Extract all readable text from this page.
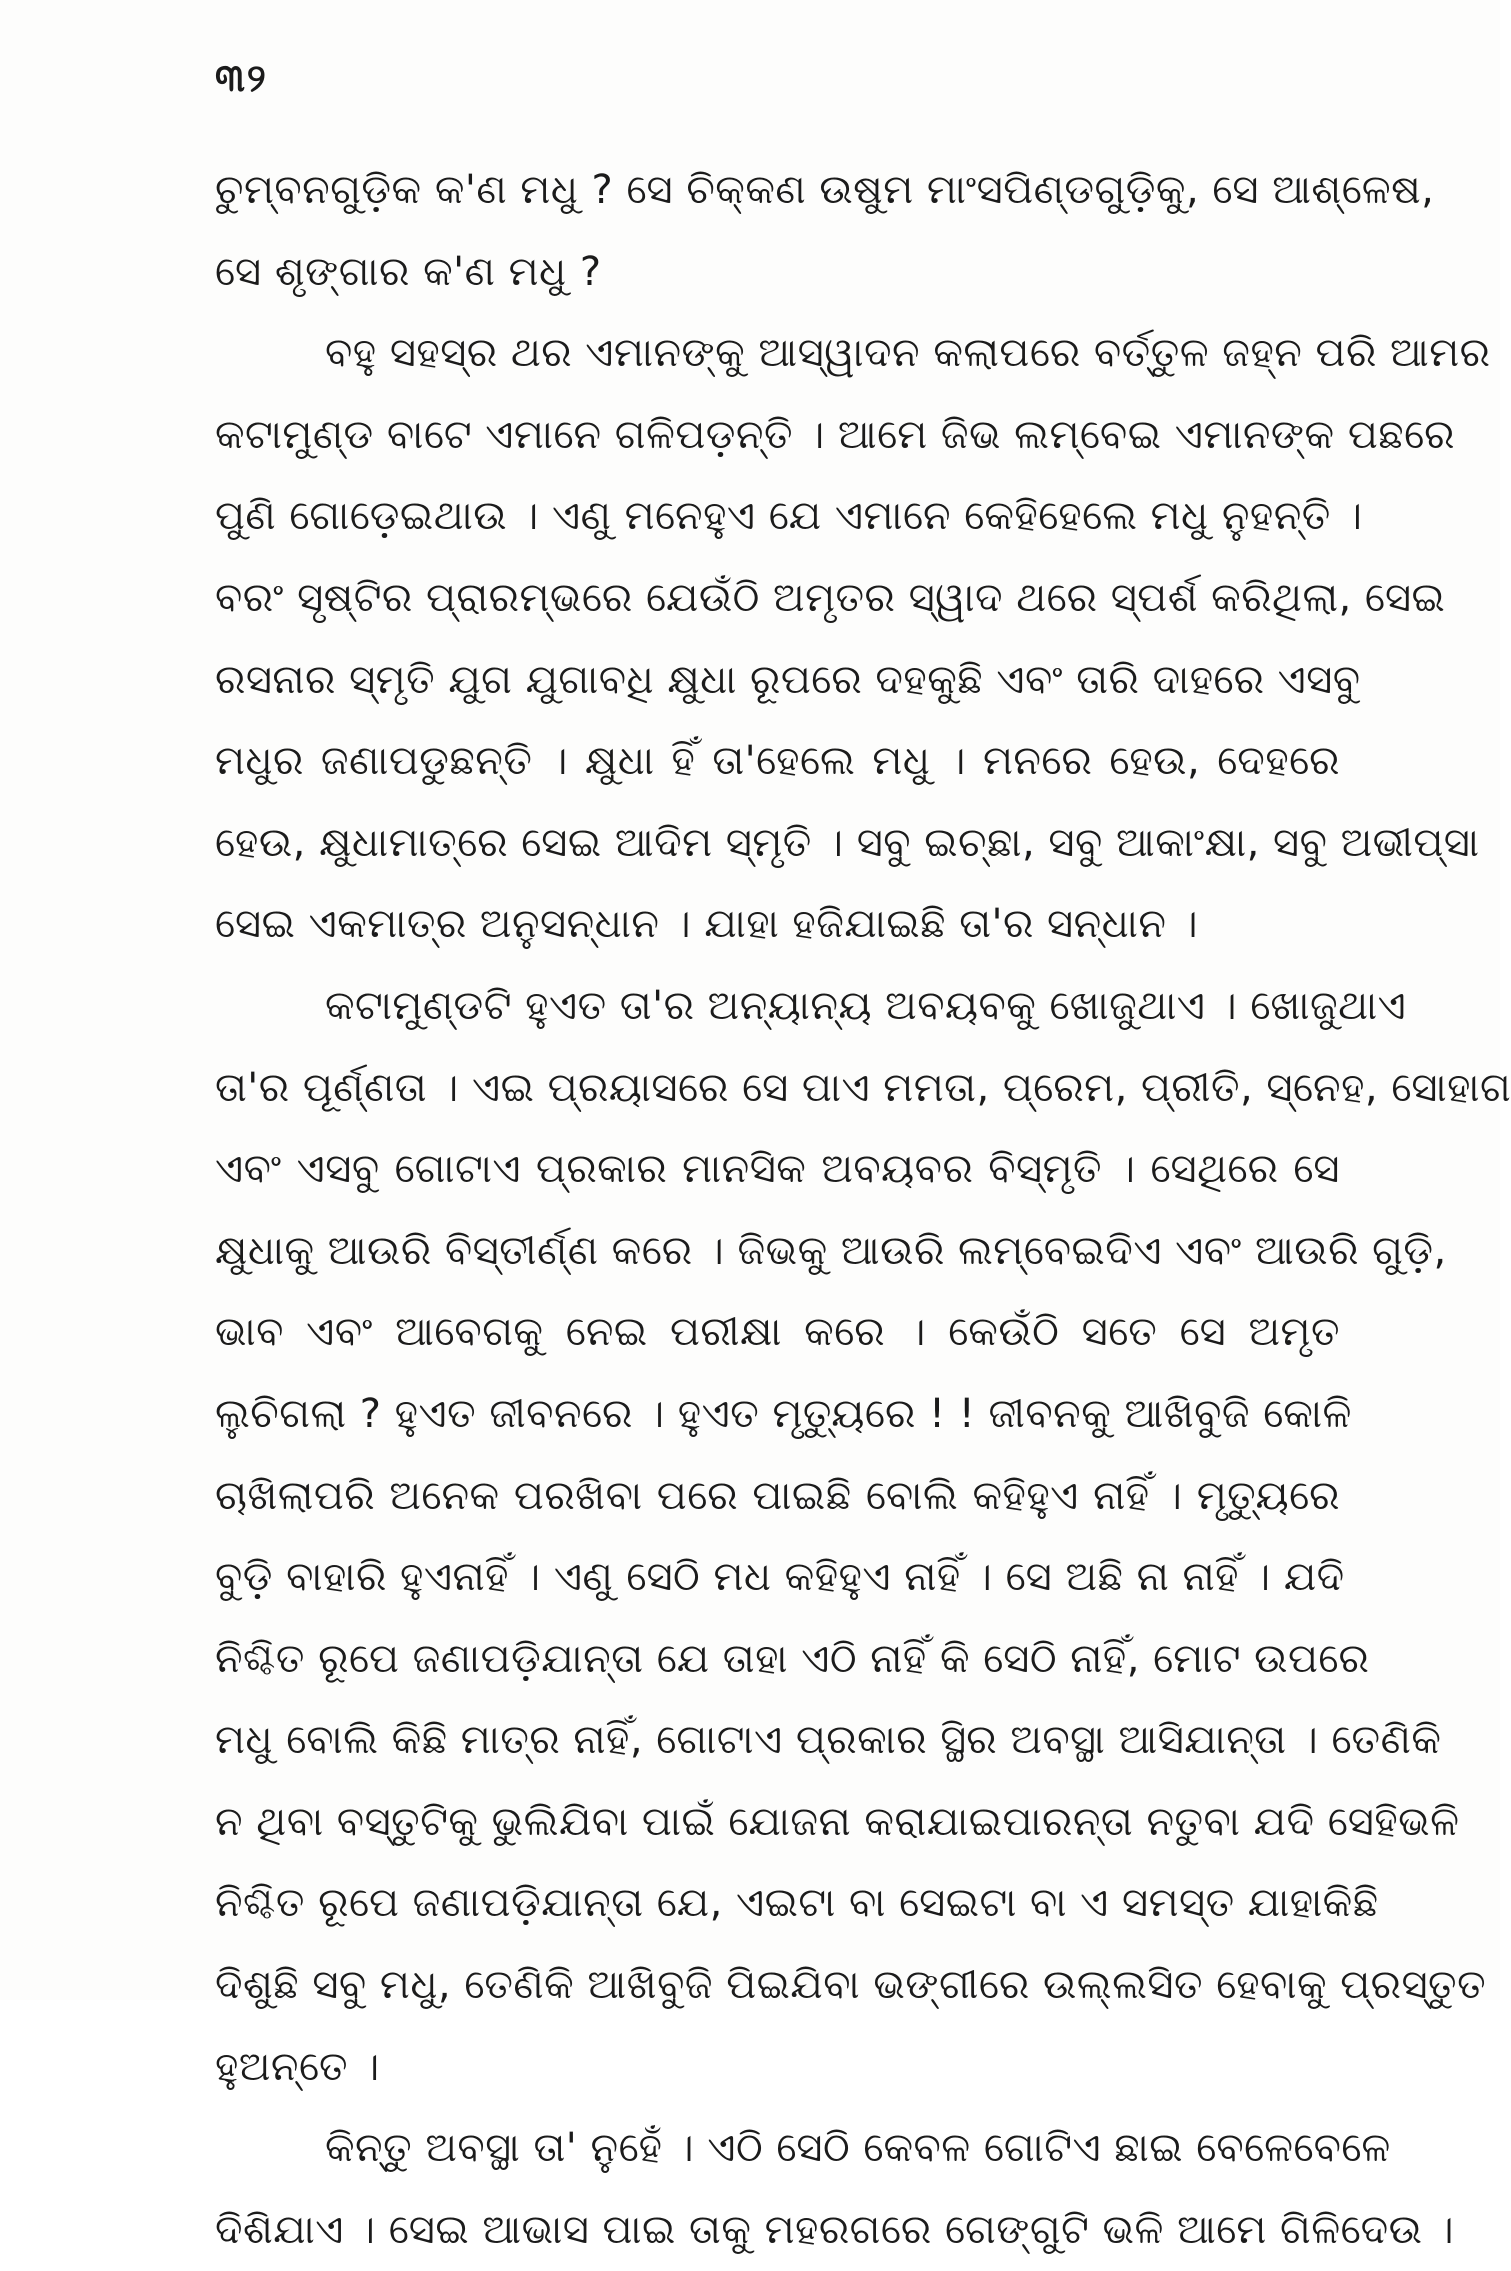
୩୨
ଚୁମ୍ବନଗୁଡ଼ିକ କ'ଣ ମଧୁ ? ସେ ଚିକ୍କଣ ଉଷୁମ ମାଂସପିଣ୍ଡଗୁଡ଼ିକୁ, ସେ ଆଶ୍ଳେଷ,
ସେ ଶୃଙ୍ଗାର କ'ଣ ମଧୁ ?
ବହୁ ସହସ୍ର ଥର ଏମାନଙ୍କୁ ଆସ୍ୱାଦନ କଲାପରେ ବର୍ତ୍ତୁଳ ଜହ୍ନ ପରି ଆମର
କଟାମୁଣ୍ଡ ବାଟେ ଏମାନେ ଗଳିପଡ଼ନ୍ତି । ଆମେ ଜିଭ ଲମ୍ବେଇ ଏମାନଙ୍କ ପଛରେ
ପୁଣି ଗୋଡ଼େଇଥାଉ । ଏଣୁ ମନେହୁଏ ଯେ ଏମାନେ କେହିହେଲେ ମଧୁ ନୁହନ୍ତି ।
ବରଂ ସୃଷ୍ଟିର ପ୍ରାରମ୍ଭରେ ଯେଉଁଠି ଅମୃତର ସ୍ୱାଦ ଥରେ ସ୍ପର୍ଶ କରିଥିଲା, ସେଇ
ରସନାର ସ୍ମୃତି ଯୁଗ ଯୁଗାବଧି କ୍ଷୁଧା ରୂପରେ ଦହକୁଛି ଏବଂ ତାରି ଦାହରେ ଏସବୁ
ମଧୁର ଜଣାପଡୁଛନ୍ତି । କ୍ଷୁଧା ହିଁ ତା'ହେଲେ ମଧୁ । ମନରେ ହେଉ, ଦେହରେ
ହେଉ, କ୍ଷୁଧାମାତ୍ରେ ସେଇ ଆଦିମ ସ୍ମୃତି । ସବୁ ଇଚ୍ଛା, ସବୁ ଆକାଂକ୍ଷା, ସବୁ ଅଭୀପ୍ସା
ସେଇ ଏକମାତ୍ର ଅନୁସନ୍ଧାନ । ଯାହା ହଜିଯାଇଛି ତା'ର ସନ୍ଧାନ ।
କଟାମୁଣ୍ଡଟି ହୁଏତ ତା'ର ଅନ୍ୟାନ୍ୟ ଅବୟବକୁ ଖୋଜୁଥାଏ । ଖୋଜୁଥାଏ
ତା'ର ପୂର୍ଣ୍ଣତା । ଏଇ ପ୍ରୟାସରେ ସେ ପାଏ ମମତା, ପ୍ରେମ, ପ୍ରୀତି, ସ୍ନେହ, ସୋହାଗ
ଏବଂ ଏସବୁ ଗୋଟାଏ ପ୍ରକାର ମାନସିକ ଅବୟବର ବିସ୍ମୃତି । ସେଥିରେ ସେ
କ୍ଷୁଧାକୁ ଆଉରି ବିସ୍ତୀର୍ଣ୍ଣ କରେ । ଜିଭକୁ ଆଉରି ଲମ୍ବେଇଦିଏ ଏବଂ ଆଉରି ଗୁଡ଼ି,
ଭାବ ଏବଂ ଆବେଗକୁ ନେଇ ପରୀକ୍ଷା କରେ । କେଉଁଠି ସତେ ସେ ଅମୃତ
ଲୁଚିଗଲା ? ହୁଏତ ଜୀବନରେ । ହୁଏତ ମୃତ୍ୟୁରେ ! ! ଜୀବନକୁ ଆଖିବୁଜି କୋଳି
ଚାଖିଲାପରି ଅନେକ ପରଖିବା ପରେ ପାଇଛି ବୋଲି କହିହୁଏ ନାହିଁ । ମୃତ୍ୟୁରେ
ବୁଡ଼ି ବାହାରି ହୁଏନାହିଁ । ଏଣୁ ସେଠି ମଧ କହିହୁଏ ନାହିଁ । ସେ ଅଛି ନା ନାହିଁ । ଯଦି
ନିଶ୍ଚିତ ରୂପେ ଜଣାପଡ଼ିଯାନ୍ତା ଯେ ତାହା ଏଠି ନାହିଁ କି ସେଠି ନାହିଁ, ମୋଟ ଉପରେ
ମଧୁ ବୋଲି କିଛି ମାତ୍ର ନାହିଁ, ଗୋଟାଏ ପ୍ରକାର ସ୍ଥିର ଅବସ୍ଥା ଆସିଯାନ୍ତା । ତେଣିକି
ନ ଥିବା ବସ୍ତୁଟିକୁ ଭୁଲିଯିବା ପାଇଁ ଯୋଜନା କରାଯାଇପାରନ୍ତା ନତୁବା ଯଦି ସେହିଭଳି
ନିଶ୍ଚିତ ରୂପେ ଜଣାପଡ଼ିଯାନ୍ତା ଯେ, ଏଇଟା ବା ସେଇଟା ବା ଏ ସମସ୍ତ ଯାହାକିଛି
ଦିଶୁଛି ସବୁ ମଧୁ, ତେଣିକି ଆଖିବୁଜି ପିଇଯିବା ଭଙ୍ଗୀରେ ଉଲ୍ଲସିତ ହେବାକୁ ପ୍ରସ୍ତୁତ
ହୁଅନ୍ତେ ।
କିନ୍ତୁ ଅବସ୍ଥା ତା' ନୁହେଁ । ଏଠି ସେଠି କେବଳ ଗୋଟିଏ ଛାଇ ବେଳେବେଳେ
ଦିଶିଯାଏ । ସେଇ ଆଭାସ ପାଇ ତାକୁ ମହରଗରେ ଗେଙ୍ଗୁଟି ଭଳି ଆମେ ଗିଳିଦେଉ ।
